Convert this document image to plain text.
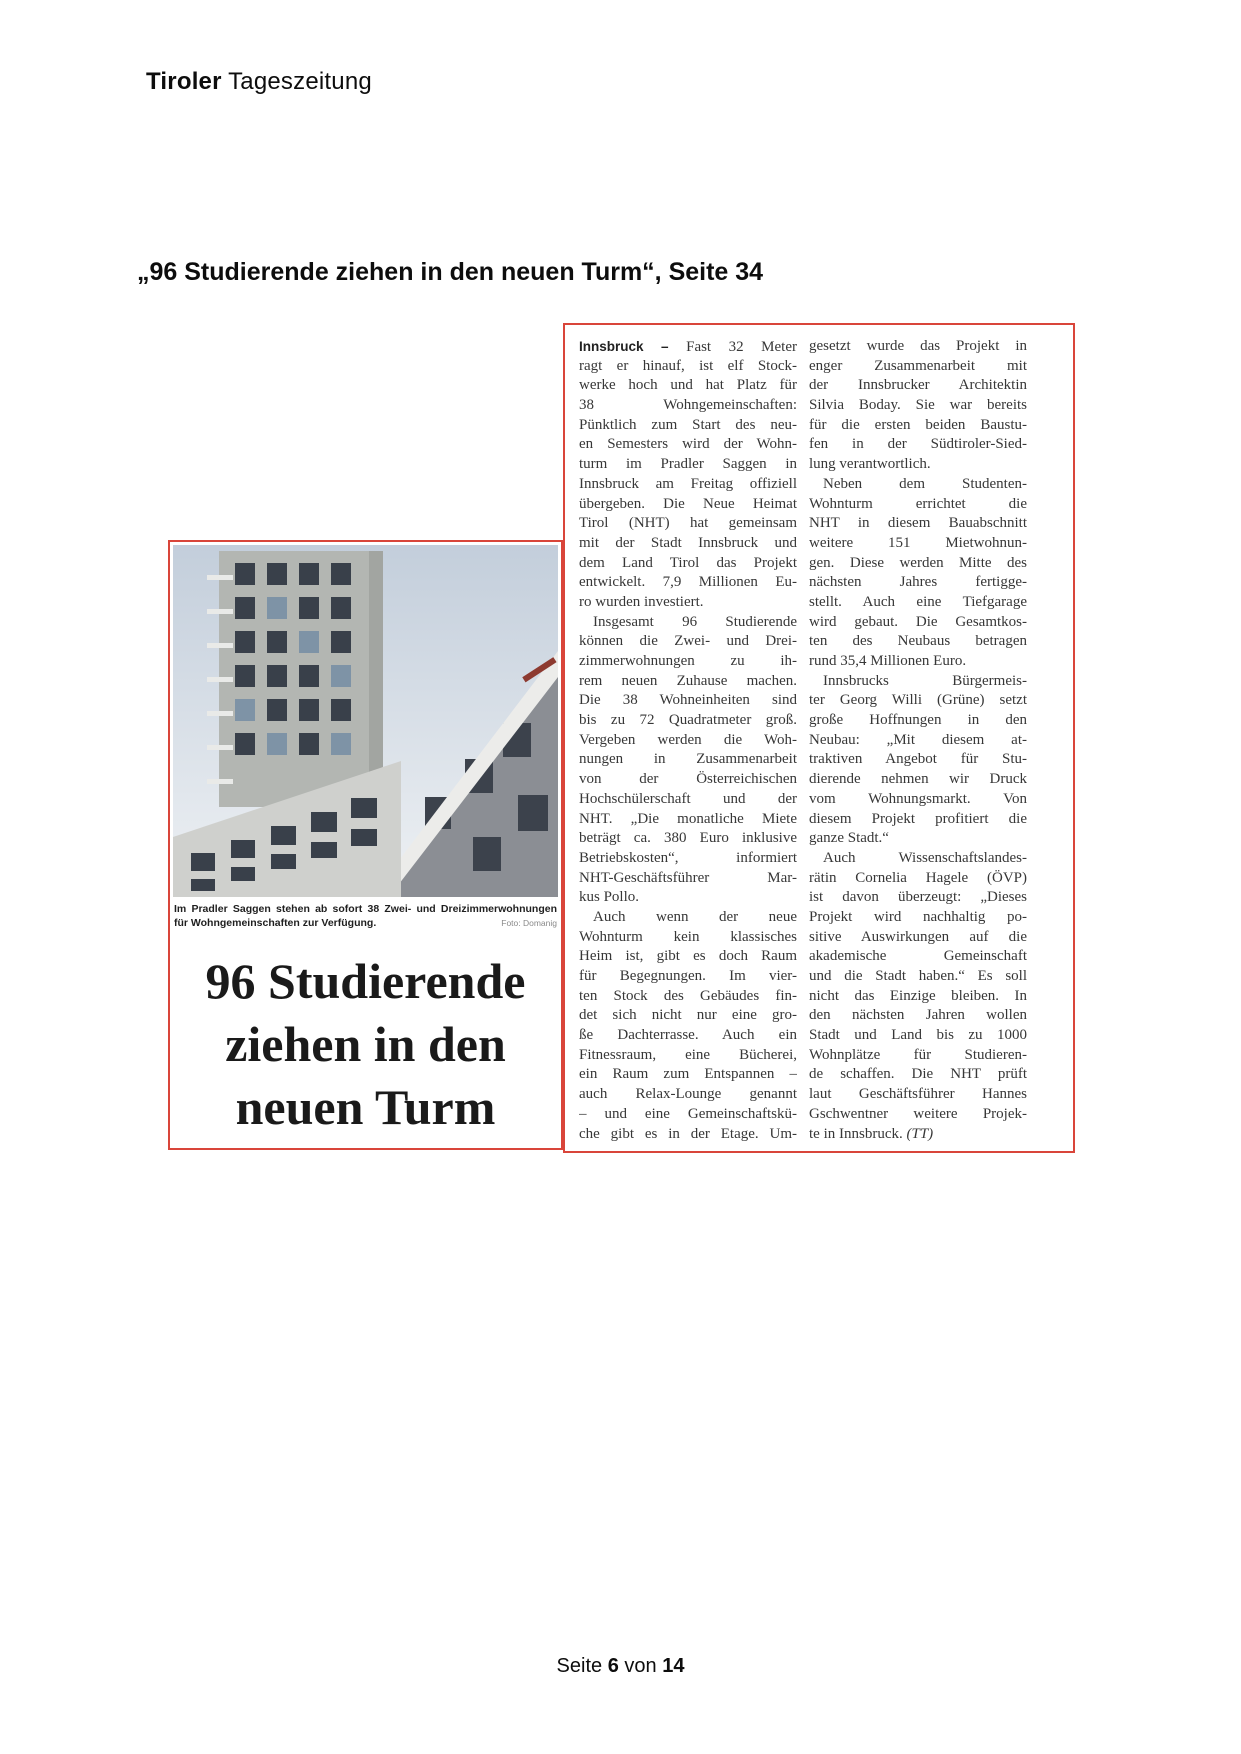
Tiroler Tageszeitung
„96 Studierende ziehen in den neuen Turm“, Seite 34
Im Pradler Saggen stehen ab sofort 38 Zwei- und Dreizimmerwohnungen
für Wohngemeinschaften zur Verfügung.	Foto: Domanig
96 Studierende
ziehen in den
neuen Turm
Innsbruck – Fast 32 Meter
ragt er hinauf, ist elf Stock-
werke hoch und hat Platz für
38 Wohngemeinschaften:
Pünktlich zum Start des neu-
en Semesters wird der Wohn-
turm im Pradler Saggen in
Innsbruck am Freitag offiziell
übergeben. Die Neue Heimat
Tirol (NHT) hat gemeinsam
mit der Stadt Innsbruck und
dem Land Tirol das Projekt
entwickelt. 7,9 Millionen Eu-
ro wurden investiert.
Insgesamt 96 Studierende
können die Zwei- und Drei-
zimmerwohnungen zu ih-
rem neuen Zuhause machen.
Die 38 Wohneinheiten sind
bis zu 72 Quadratmeter groß.
Vergeben werden die Woh-
nungen in Zusammenarbeit
von der Österreichischen
Hochschülerschaft und der
NHT. „Die monatliche Miete
beträgt ca. 380 Euro inklusive
Betriebskosten“, informiert
NHT-Geschäftsführer Mar-
kus Pollo.
Auch wenn der neue
Wohnturm kein klassisches
Heim ist, gibt es doch Raum
für Begegnungen. Im vier-
ten Stock des Gebäudes fin-
det sich nicht nur eine gro-
ße Dachterrasse. Auch ein
Fitnessraum, eine Bücherei,
ein Raum zum Entspannen –
auch Relax-Lounge genannt
– und eine Gemeinschaftskü-
che gibt es in der Etage. Um-
gesetzt wurde das Projekt in
enger Zusammenarbeit mit
der Innsbrucker Architektin
Silvia Boday. Sie war bereits
für die ersten beiden Baustu-
fen in der Südtiroler-Sied-
lung verantwortlich.
Neben dem Studenten-
Wohnturm errichtet die
NHT in diesem Bauabschnitt
weitere 151 Mietwohnun-
gen. Diese werden Mitte des
nächsten Jahres fertigge-
stellt. Auch eine Tiefgarage
wird gebaut. Die Gesamtkos-
ten des Neubaus betragen
rund 35,4 Millionen Euro.
Innsbrucks Bürgermeis-
ter Georg Willi (Grüne) setzt
große Hoffnungen in den
Neubau: „Mit diesem at-
traktiven Angebot für Stu-
dierende nehmen wir Druck
vom Wohnungsmarkt. Von
diesem Projekt profitiert die
ganze Stadt.“
Auch Wissenschaftslandes-
rätin Cornelia Hagele (ÖVP)
ist davon überzeugt: „Dieses
Projekt wird nachhaltig po-
sitive Auswirkungen auf die
akademische Gemeinschaft
und die Stadt haben.“ Es soll
nicht das Einzige bleiben. In
den nächsten Jahren wollen
Stadt und Land bis zu 1000
Wohnplätze für Studieren-
de schaffen. Die NHT prüft
laut Geschäftsführer Hannes
Gschwentner weitere Projek-
te in Innsbruck. (TT)
Seite 6 von 14
